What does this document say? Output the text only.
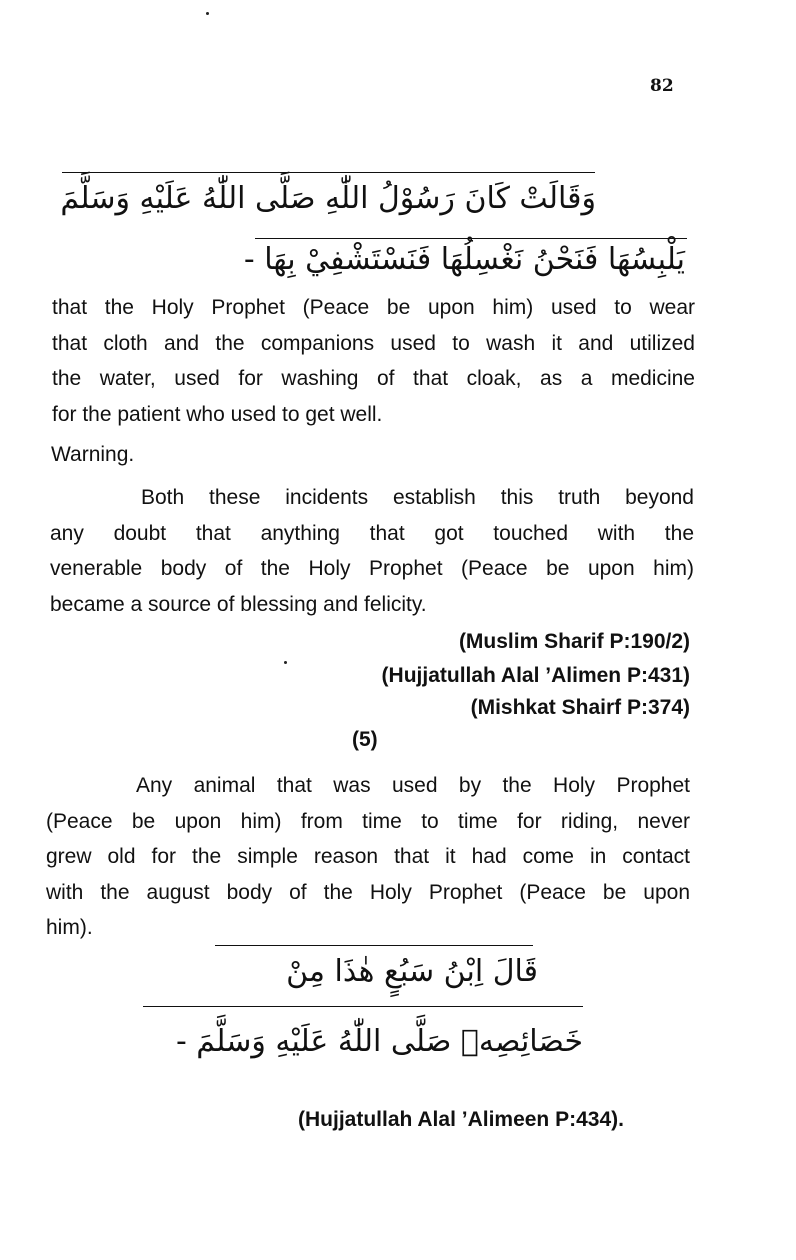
82
وَقَالَتْ كَانَ رَسُوْلُ اللّٰهِ صَلَّى اللّٰهُ عَلَيْهِ وَسَلَّمَ
يَلْبِسُهَا فَنَحْنُ نَغْسِلُهَا فَنَسْتَشْفِيْ بِهَا -
that the Holy Prophet (Peace be upon him) used to wear
that cloth and the companions used to wash it and utilized
the water, used for washing of that cloak, as a medicine
for the patient who used to get well.
Warning.
Both these incidents establish this truth beyond
any doubt that anything that got touched with the
venerable body of the Holy Prophet (Peace be upon him)
became a source of blessing and felicity.
(Muslim Sharif P:190/2)
(Hujjatullah Alal ’Alimen P:431)
(Mishkat Shairf P:374)
(5)
Any animal that was used by the Holy Prophet
(Peace be upon him) from time to time for riding, never
grew old for the simple reason that it had come in contact
with the august body of the Holy Prophet (Peace be upon
him).
قَالَ اِبْنُ سَبُعٍ هٰذَا مِنْ
خَصَائِصِهٖ صَلَّى اللّٰهُ عَلَيْهِ وَسَلَّمَ -
(Hujjatullah Alal ’Alimeen P:434).
